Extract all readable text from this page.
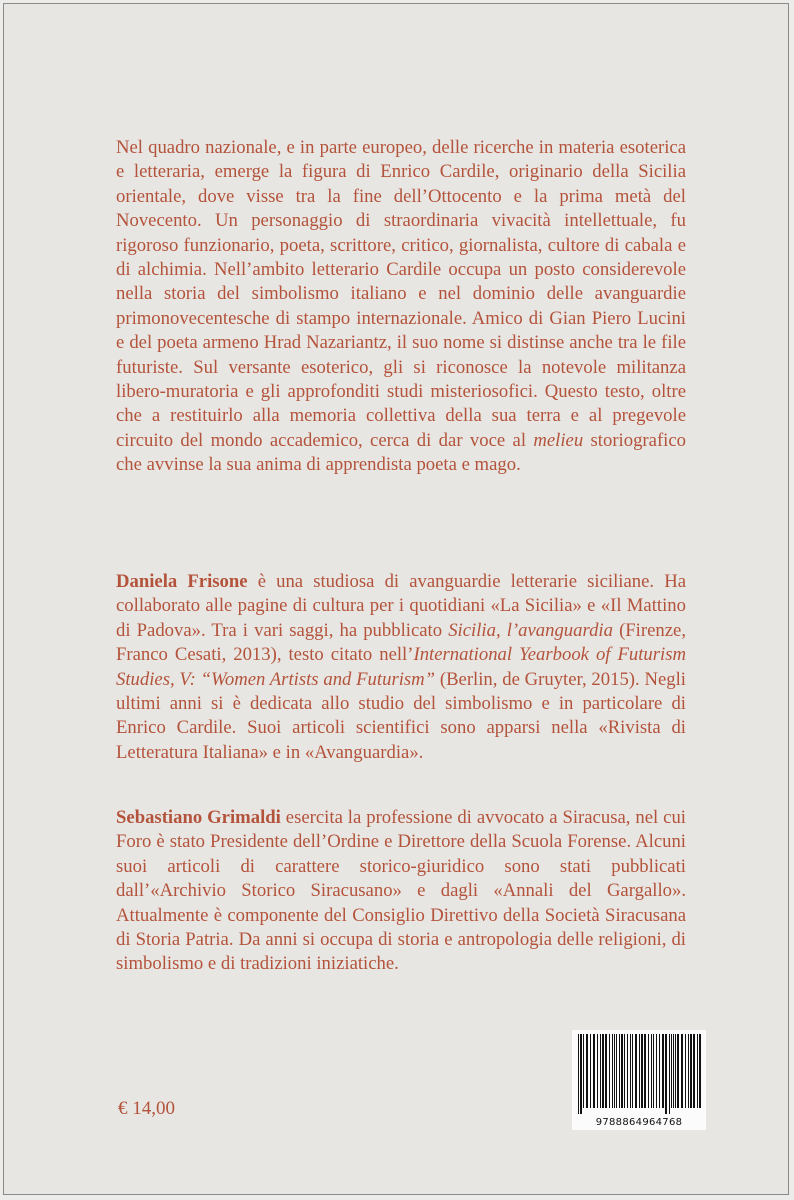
Nel quadro nazionale, e in parte europeo, delle ricerche in materia esoterica e letteraria, emerge la figura di Enrico Cardile, originario della Sicilia orientale, dove visse tra la fine dell’Ottocento e la prima metà del Novecento. Un personaggio di straordinaria vivacità intellettuale, fu rigoroso funzionario, poeta, scrittore, critico, giornalista, cultore di cabala e di alchimia. Nell’ambito letterario Cardile occupa un posto considerevole nella storia del simbolismo italiano e nel dominio delle avanguardie primonovecentesche di stampo internazionale. Amico di Gian Piero Lucini e del poeta armeno Hrad Nazariantz, il suo nome si distinse anche tra le file futuriste. Sul versante esoterico, gli si riconosce la notevole militanza libero-muratoria e gli approfonditi studi misteriosofici. Questo testo, oltre che a restituirlo alla memoria collettiva della sua terra e al pregevole circuito del mondo accademico, cerca di dar voce al melieu storiografico che avvinse la sua anima di apprendista poeta e mago.
Daniela Frisone è una studiosa di avanguardie letterarie siciliane. Ha collaborato alle pagine di cultura per i quotidiani «La Sicilia» e «Il Mattino di Padova». Tra i vari saggi, ha pubblicato Sicilia, l’avanguardia (Firenze, Franco Cesati, 2013), testo citato nell’International Yearbook of Futurism Studies, V: “Women Artists and Futurism” (Berlin, de Gruyter, 2015). Negli ultimi anni si è dedicata allo studio del simbolismo e in particolare di Enrico Cardile. Suoi articoli scientifici sono apparsi nella «Rivista di Letteratura Italiana» e in «Avanguardia».
Sebastiano Grimaldi esercita la professione di avvocato a Siracusa, nel cui Foro è stato Presidente dell’Ordine e Direttore della Scuola Forense. Alcuni suoi articoli di carattere storico-giuridico sono stati pubblicati dall’«Archivio Storico Siracusano» e dagli «Annali del Gargallo». Attualmente è componente del Consiglio Direttivo della Società Siracusana di Storia Patria. Da anni si occupa di storia e antropologia delle religioni, di simbolismo e di tradizioni iniziatiche.
€ 14,00
9788864964768
